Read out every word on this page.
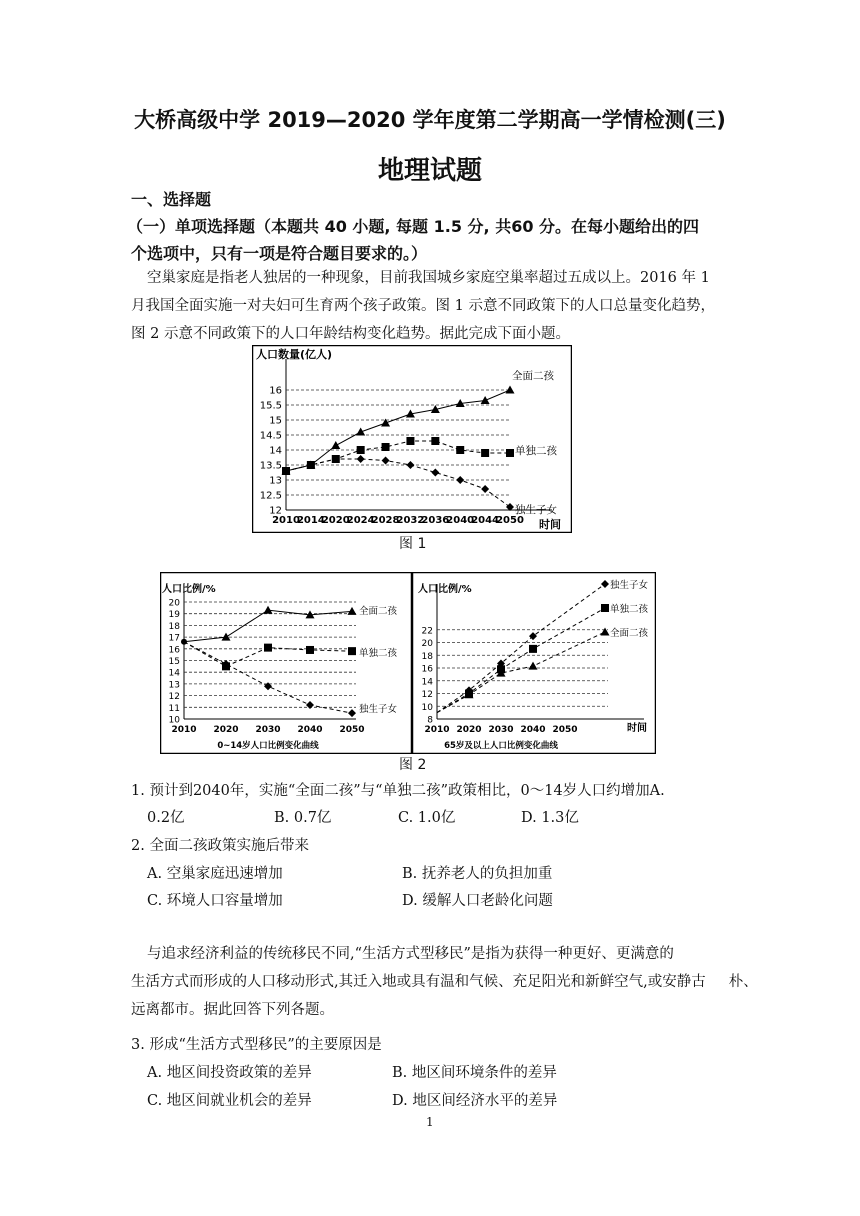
大桥高级中学 2019—2020 学年度第二学期高一学情检测(三)
地理试题
一、选择题
（一）单项选择题（本题共 40 小题, 每题 1.5 分, 共60 分。在每小题给出的四
个选项中，只有一项是符合题目要求的。）
空巢家庭是指老人独居的一种现象，目前我国城乡家庭空巢率超过五成以上。2016 年 1
月我国全面实施一对夫妇可生育两个孩子政策。图 1 示意不同政策下的人口总量变化趋势，
图 2 示意不同政策下的人口年龄结构变化趋势。据此完成下面小题。
12
12.5
13
13.5
14
14.5
15
15.5
16
2010
2014
2020
2024
2028
2032
2036
2040
2044
2050
人口数量(亿人)
时间
全面二孩
单独二孩
独生子女
图 1
10
11
12
13
14
15
16
17
18
19
20
2010 2020 2030 2040 2050
人口比例/%
0~14岁人口比例变化曲线
全面二孩
单独二孩
独生子女
8
10
12
14
16
18
20
22
2010 2020 2030 2040 2050
人口比例/%
时间
65岁及以上人口比例变化曲线
独生子女
单独二孩
全面二孩
图 2
1. 预计到2040年，实施“全面二孩”与“单独二孩”政策相比，0～14岁人口约增加A.
0.2亿	B. 0.7亿	C. 1.0亿	D. 1.3亿
2. 全面二孩政策实施后带来
A. 空巢家庭迅速增加	B. 抚养老人的负担加重
C. 环境人口容量增加	D. 缓解人口老龄化问题
与追求经济利益的传统移民不同,“生活方式型移民”是指为获得一种更好、更满意的
生活方式而形成的人口移动形式,其迁入地或具有温和气候、充足阳光和新鲜空气,或安静古     朴、
远离都市。据此回答下列各题。
3. 形成“生活方式型移民”的主要原因是
A. 地区间投资政策的差异	B. 地区间环境条件的差异
C. 地区间就业机会的差异	D. 地区间经济水平的差异
1
